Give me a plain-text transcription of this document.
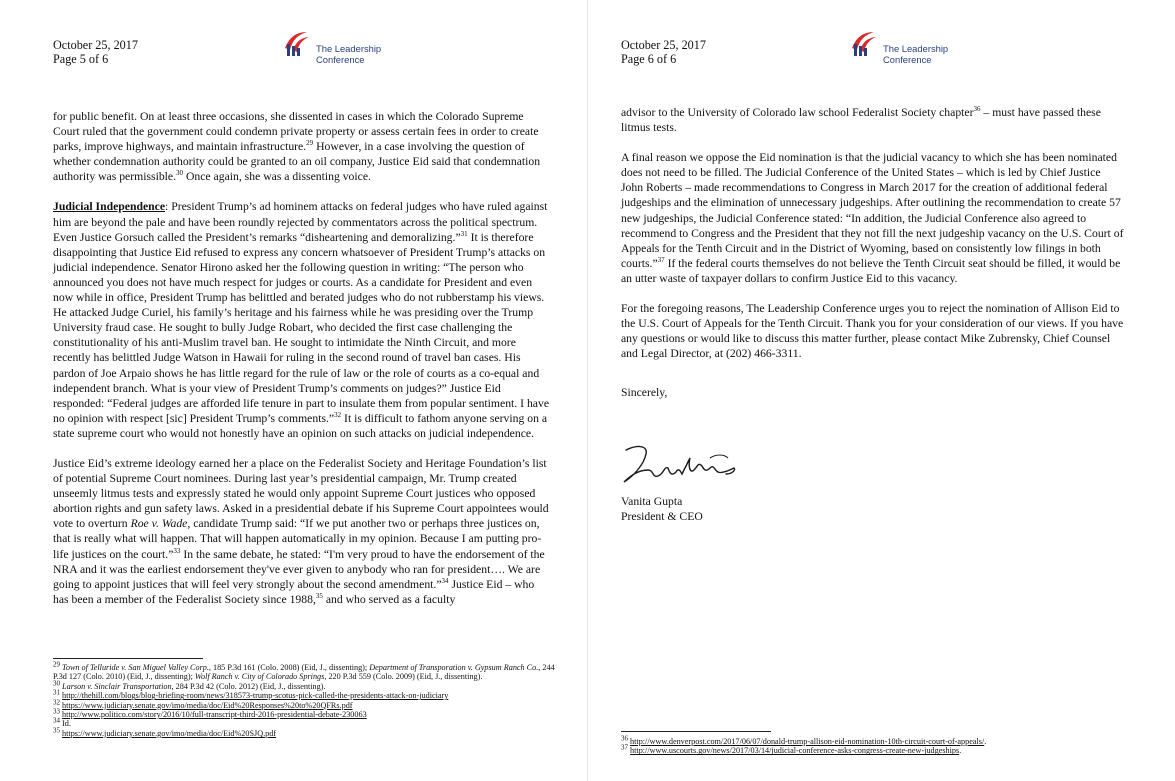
October 25, 2017
Page 5 of 6
The Leadership
Conference

for public benefit. On at least three occasions, she dissented in cases in which the Colorado Supreme Court ruled that the government could condemn private property or assess certain fees in order to create parks, improve highways, and maintain infrastructure.$^{29}$ However, in a case involving the question of whether condemnation authority could be granted to an oil company, Justice Eid said that condemnation authority was permissible.$^{30}$ Once again, she was a dissenting voice.

Judicial Independence: President Trump’s ad hominem attacks on federal judges who have ruled against him are beyond the pale and have been roundly rejected by commentators across the political spectrum. Even Justice Gorsuch called the President’s remarks “disheartening and demoralizing.”$^{31}$ It is therefore disappointing that Justice Eid refused to express any concern whatsoever of President Trump’s attacks on judicial independence. Senator Hirono asked her the following question in writing: “The person who announced you does not have much respect for judges or courts. As a candidate for President and even now while in office, President Trump has belittled and berated judges who do not rubberstamp his views. He attacked Judge Curiel, his family’s heritage and his fairness while he was presiding over the Trump University fraud case. He sought to bully Judge Robart, who decided the first case challenging the constitutionality of his anti-Muslim travel ban. He sought to intimidate the Ninth Circuit, and more recently has belittled Judge Watson in Hawaii for ruling in the second round of travel ban cases. His pardon of Joe Arpaio shows he has little regard for the rule of law or the role of courts as a co-equal and independent branch. What is your view of President Trump’s comments on judges?” Justice Eid responded: “Federal judges are afforded life tenure in part to insulate them from popular sentiment. I have no opinion with respect [sic] President Trump’s comments.”$^{32}$ It is difficult to fathom anyone serving on a state supreme court who would not honestly have an opinion on such attacks on judicial independence.

Justice Eid’s extreme ideology earned her a place on the Federalist Society and Heritage Foundation’s list of potential Supreme Court nominees. During last year’s presidential campaign, Mr. Trump created unseemly litmus tests and expressly stated he would only appoint Supreme Court justices who opposed abortion rights and gun safety laws. Asked in a presidential debate if his Supreme Court appointees would vote to overturn Roe v. Wade, candidate Trump said: “If we put another two or perhaps three justices on, that is really what will happen. That will happen automatically in my opinion. Because I am putting pro-life justices on the court.”$^{33}$ In the same debate, he stated: “I'm very proud to have the endorsement of the NRA and it was the earliest endorsement they've ever given to anybody who ran for president…. We are going to appoint justices that will feel very strongly about the second amendment.”$^{34}$ Justice Eid – who has been a member of the Federalist Society since 1988,35 and who served as a faculty

$^{29}$ Town of Telluride v. San Miguel Valley Corp., 185 P.3d 161 (Colo. 2008) (Eid, J., dissenting); Department of Transporation v. Gypsum Ranch Co., 244 P.3d 127 (Colo. 2010) (Eid, J., dissenting); Wolf Ranch v. City of Colorado Springs, 220 P.3d 559 (Colo. 2009) (Eid, J., dissenting).
$^{30}$ Larson v. Sinclair Transportation, 284 P.3d 42 (Colo. 2012) (Eid, J., dissenting).
$^{31}$ http://thehill.com/blogs/blog-briefing-room/news/318573-trump-scotus-pick-called-the-presidents-attack-on-judiciary
$^{32}$ https://www.judiciary.senate.gov/imo/media/doc/Eid%20Responses%20to%20QFRs.pdf
$^{33}$ http://www.politico.com/story/2016/10/full-transcript-third-2016-presidential-debate-230063
$^{34}$ Id.
$^{35}$ https://www.judiciary.senate.gov/imo/media/doc/Eid%20SJQ.pdf
October 25, 2017
Page 6 of 6
The Leadership
Conference

advisor to the University of Colorado law school Federalist Society chapter$^{36}$ – must have passed these litmus tests.

A final reason we oppose the Eid nomination is that the judicial vacancy to which she has been nominated does not need to be filled. The Judicial Conference of the United States – which is led by Chief Justice John Roberts – made recommendations to Congress in March 2017 for the creation of additional federal judgeships and the elimination of unnecessary judgeships. After outlining the recommendation to create 57 new judgeships, the Judicial Conference stated: “In addition, the Judicial Conference also agreed to recommend to Congress and the President that they not fill the next judgeship vacancy on the U.S. Court of Appeals for the Tenth Circuit and in the District of Wyoming, based on consistently low filings in both courts.”$^{37}$ If the federal courts themselves do not believe the Tenth Circuit seat should be filled, it would be an utter waste of taxpayer dollars to confirm Justice Eid to this vacancy.

For the foregoing reasons, The Leadership Conference urges you to reject the nomination of Allison Eid to the U.S. Court of Appeals for the Tenth Circuit. Thank you for your consideration of our views. If you have any questions or would like to discuss this matter further, please contact Mike Zubrensky, Chief Counsel and Legal Director, at (202) 466-3311.

Sincerely,

Vanita Gupta
President & CEO
$^{36}$ http://www.denverpost.com/2017/06/07/donald-trump-allison-eid-nomination-10th-circuit-court-of-appeals/.
$^{37}$ http://www.uscourts.gov/news/2017/03/14/judicial-conference-asks-congress-create-new-judgeships.
